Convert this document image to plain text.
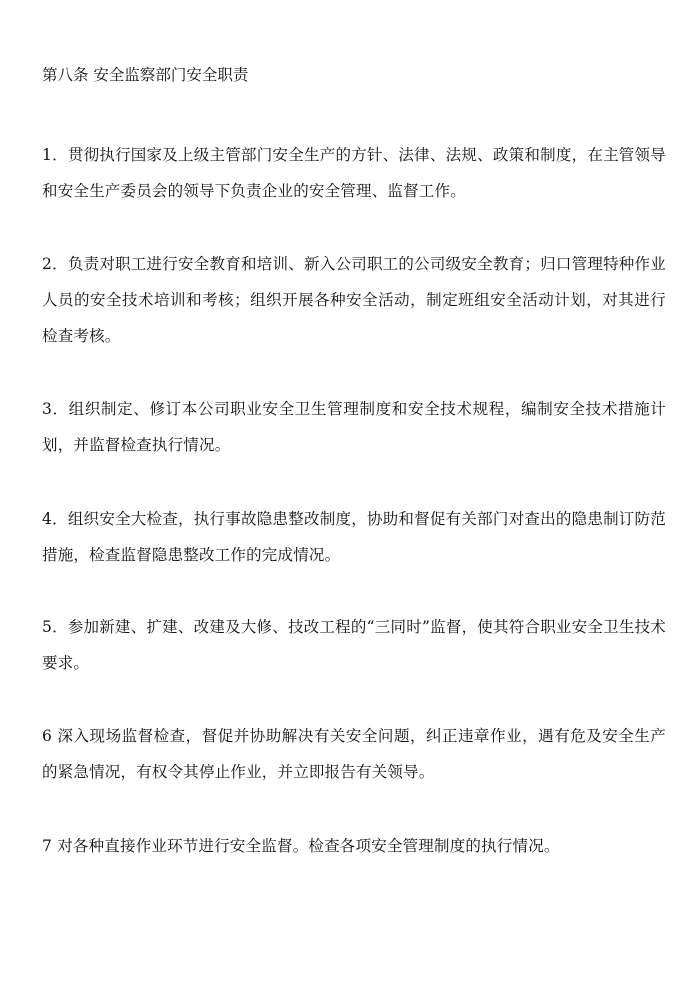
第八条 安全监察部门安全职责

1．贯彻执行国家及上级主管部门安全生产的方针、法律、法规、政策和制度，在主管领导和安全生产委员会的领导下负责企业的安全管理、监督工作。

2．负责对职工进行安全教育和培训、新入公司职工的公司级安全教育；归口管理特种作业人员的安全技术培训和考核；组织开展各种安全活动，制定班组安全活动计划，对其进行检查考核。

3．组织制定、修订本公司职业安全卫生管理制度和安全技术规程，编制安全技术措施计划，并监督检查执行情况。

4．组织安全大检查，执行事故隐患整改制度，协助和督促有关部门对查出的隐患制订防范措施，检查监督隐患整改工作的完成情况。

5．参加新建、扩建、改建及大修、技改工程的“三同时”监督，使其符合职业安全卫生技术要求。

6 深入现场监督检查，督促并协助解决有关安全问题，纠正违章作业，遇有危及安全生产的紧急情况，有权令其停止作业，并立即报告有关领导。

7 对各种直接作业环节进行安全监督。检查各项安全管理制度的执行情况。
